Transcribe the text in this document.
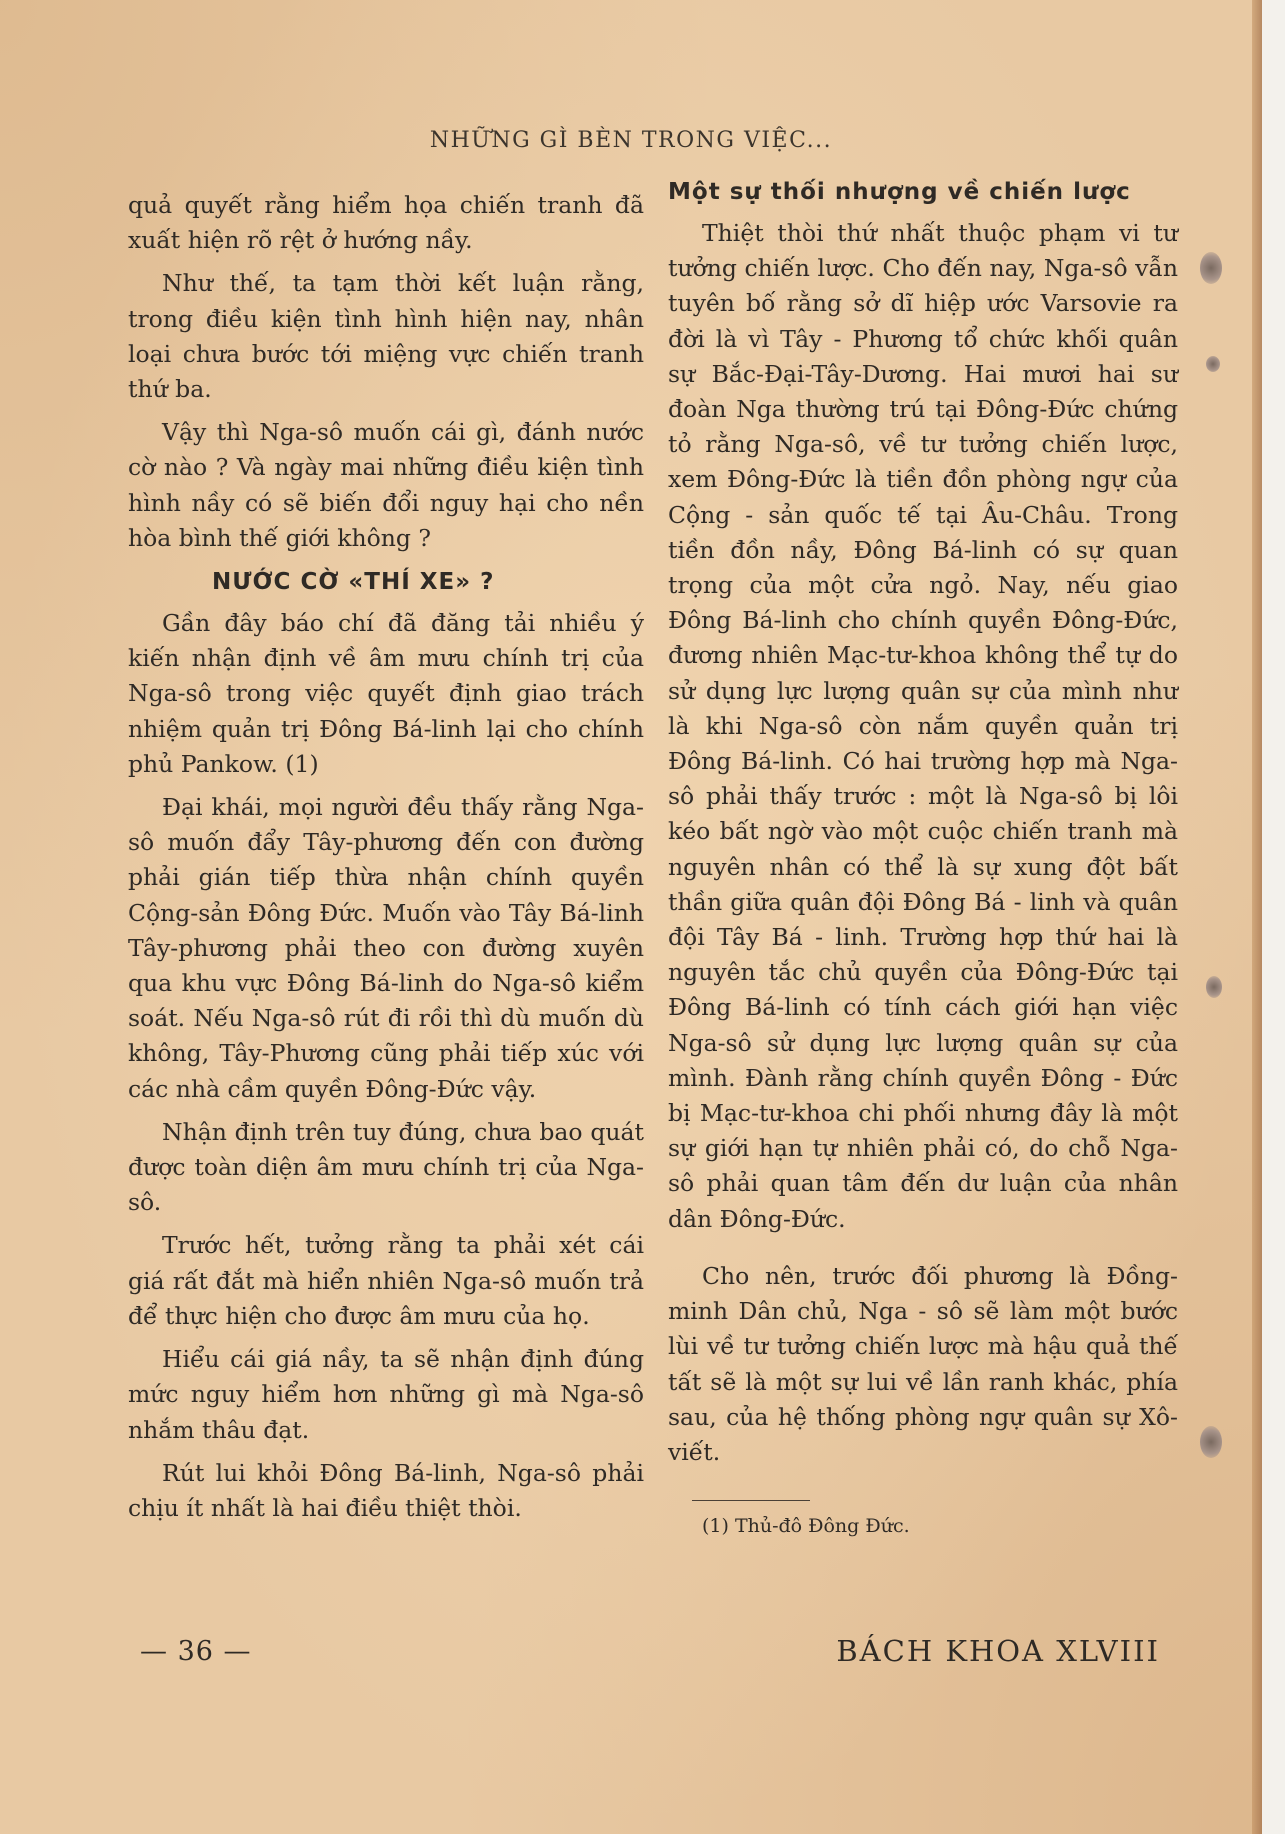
NHỮNG GÌ BÈN TRONG VIỆC...

quả quyết rằng hiểm họa chiến tranh đã xuất hiện rõ rệt ở hướng nầy.

Như thế, ta tạm thời kết luận rằng, trong điều kiện tình hình hiện nay, nhân loại chưa bước tới miệng vực chiến tranh thứ ba.

Vậy thì Nga-sô muốn cái gì, đánh nước cờ nào ? Và ngày mai những điều kiện tình hình nầy có sẽ biến đổi nguy hại cho nền hòa bình thế giới không ?

NƯỚC CỜ «THÍ XE» ?

Gần đây báo chí đã đăng tải nhiều ý kiến nhận định về âm mưu chính trị của Nga-sô trong việc quyết định giao trách nhiệm quản trị Đông Bá-linh lại cho chính phủ Pankow. (1)

Đại khái, mọi người đều thấy rằng Nga-sô muốn đẩy Tây-phương đến con đường phải gián tiếp thừa nhận chính quyền Cộng-sản Đông Đức. Muốn vào Tây Bá-linh Tây-phương phải theo con đường xuyên qua khu vực Đông Bá-linh do Nga-sô kiểm soát. Nếu Nga-sô rút đi rồi thì dù muốn dù không, Tây-Phương cũng phải tiếp xúc với các nhà cầm quyền Đông-Đức vậy.

Nhận định trên tuy đúng, chưa bao quát được toàn diện âm mưu chính trị của Nga-sô.

Trước hết, tưởng rằng ta phải xét cái giá rất đắt mà hiển nhiên Nga-sô muốn trả để thực hiện cho được âm mưu của họ.

Hiểu cái giá nầy, ta sẽ nhận định đúng mức nguy hiểm hơn những gì mà Nga-sô nhắm thâu đạt.

Rút lui khỏi Đông Bá-linh, Nga-sô phải chịu ít nhất là hai điều thiệt thòi.

Một sự thối nhượng về chiến lược

Thiệt thòi thứ nhất thuộc phạm vi tư tưởng chiến lược. Cho đến nay, Nga-sô vẫn tuyên bố rằng sở dĩ hiệp ước Varsovie ra đời là vì Tây - Phương tổ chức khối quân sự Bắc-Đại-Tây-Dương. Hai mươi hai sư đoàn Nga thường trú tại Đông-Đức chứng tỏ rằng Nga-sô, về tư tưởng chiến lược, xem Đông-Đức là tiền đồn phòng ngự của Cộng - sản quốc tế tại Âu-Châu. Trong tiền đồn nầy, Đông Bá-linh có sự quan trọng của một cửa ngỏ. Nay, nếu giao Đông Bá-linh cho chính quyền Đông-Đức, đương nhiên Mạc-tư-khoa không thể tự do sử dụng lực lượng quân sự của mình như là khi Nga-sô còn nắm quyền quản trị Đông Bá-linh. Có hai trường hợp mà Nga-sô phải thấy trước : một là Nga-sô bị lôi kéo bất ngờ vào một cuộc chiến tranh mà nguyên nhân có thể là sự xung đột bất thần giữa quân đội Đông Bá - linh và quân đội Tây Bá - linh. Trường hợp thứ hai là nguyên tắc chủ quyền của Đông-Đức tại Đông Bá-linh có tính cách giới hạn việc Nga-sô sử dụng lực lượng quân sự của mình. Đành rằng chính quyền Đông - Đức bị Mạc-tư-khoa chi phối nhưng đây là một sự giới hạn tự nhiên phải có, do chỗ Nga-sô phải quan tâm đến dư luận của nhân dân Đông-Đức.

Cho nên, trước đối phương là Đồng-minh Dân chủ, Nga - sô sẽ làm một bước lùi về tư tưởng chiến lược mà hậu quả thế tất sẽ là một sự lui về lần ranh khác, phía sau, của hệ thống phòng ngự quân sự Xô-viết.

(1) Thủ-đô Đông Đức.

— 36 —	BÁCH KHOA XLVIII
